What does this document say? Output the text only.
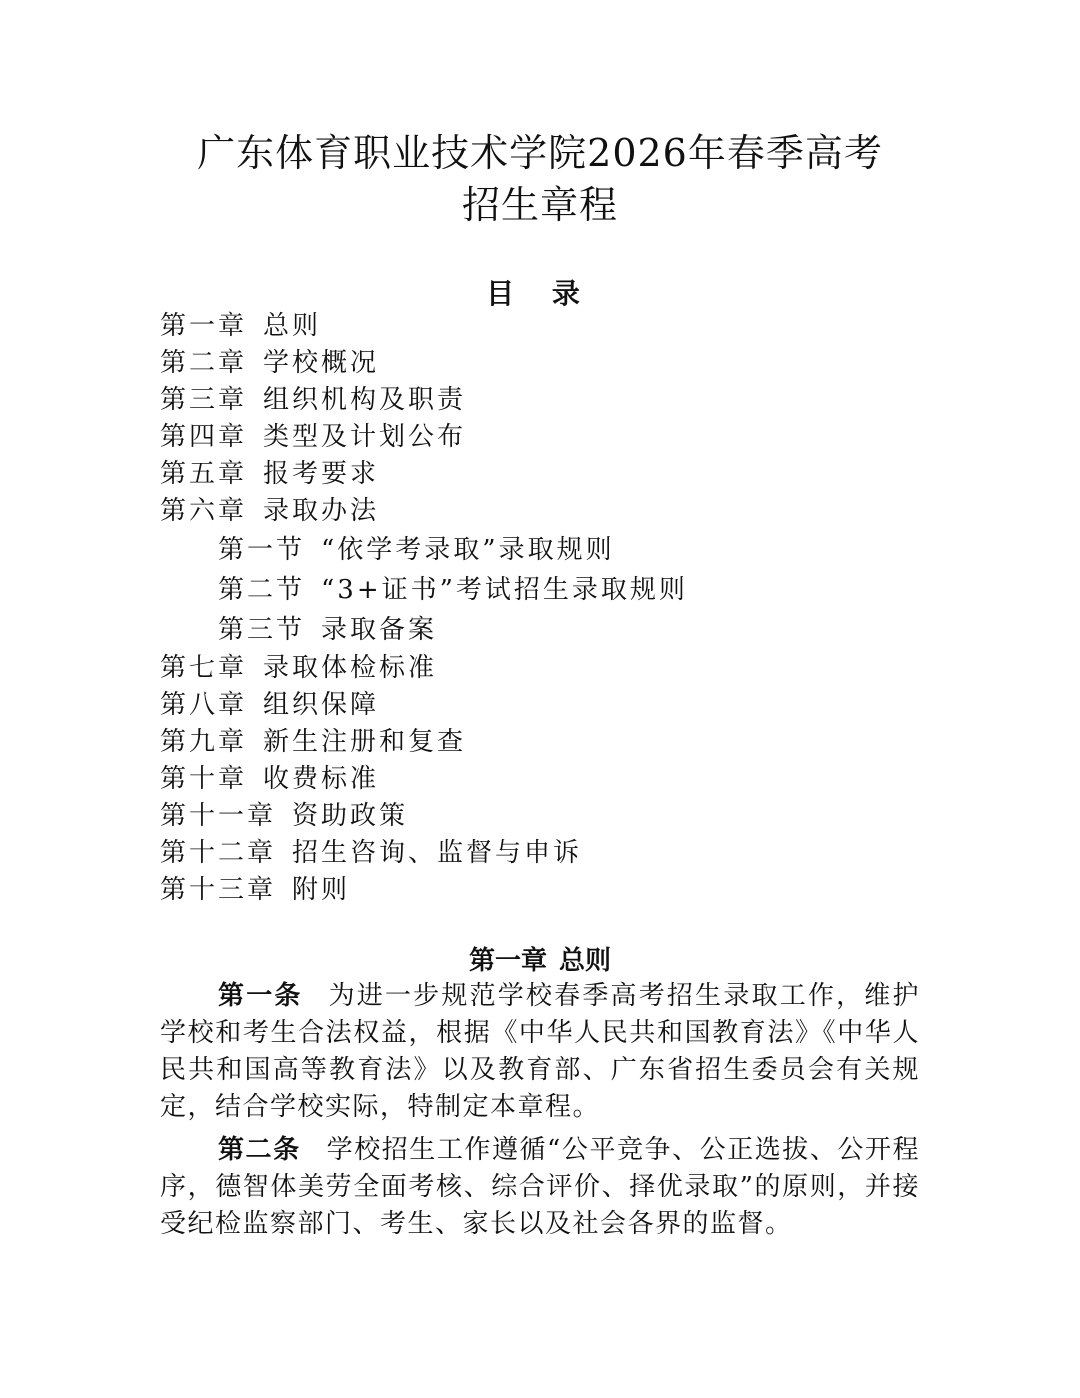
广东体育职业技术学院2026年春季高考
招生章程
目 录
第一章 总则
第二章 学校概况
第三章 组织机构及职责
第四章 类型及计划公布
第五章 报考要求
第六章 录取办法
第一节 “依学考录取”录取规则
第二节 “3+证书”考试招生录取规则
第三节 录取备案
第七章 录取体检标准
第八章 组织保障
第九章 新生注册和复查
第十章 收费标准
第十一章 资助政策
第十二章 招生咨询、监督与申诉
第十三章 附则
第一章 总则

第一条 为进一步规范学校春季高考招生录取工作，维护学校和考生合法权益，根据《中华人民共和国教育法》《中华人民共和国高等教育法》以及教育部、广东省招生委员会有关规定，结合学校实际，特制定本章程。

第二条 学校招生工作遵循“公平竞争、公正选拔、公开程序，德智体美劳全面考核、综合评价、择优录取”的原则，并接受纪检监察部门、考生、家长以及社会各界的监督。
